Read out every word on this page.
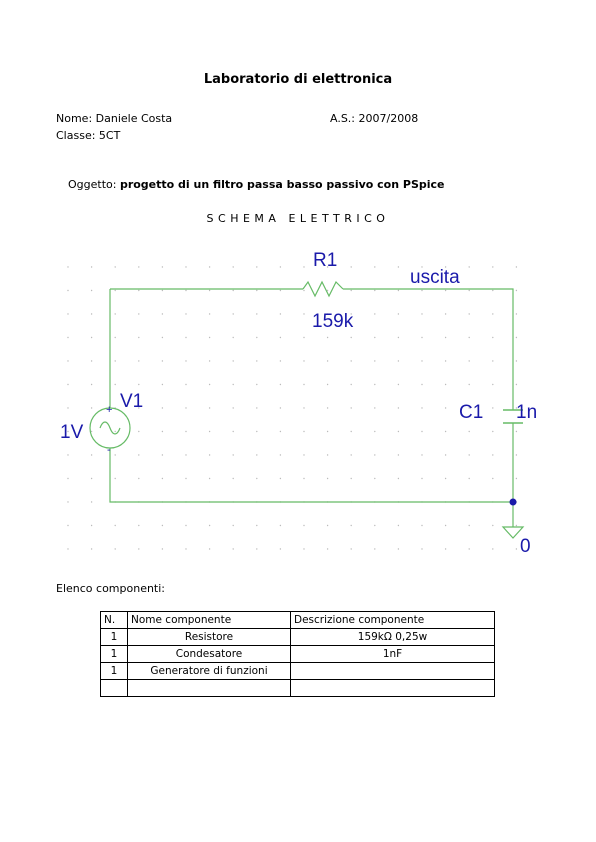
Laboratorio di elettronica
Nome: Daniele Costa	A.S.: 2007/2008
Classe: 5CT
Oggetto: progetto di un filtro passa basso passivo con PSpice
SCHEMA ELETTRICO
R1
159k
uscita
V1
1V
+
-
C1 1n
0
Elenco componenti:
N.	Nome componente	Descrizione componente
1	Resistore	159kΩ 0,25w
1	Condesatore	1nF
1	Generatore di funzioni	
